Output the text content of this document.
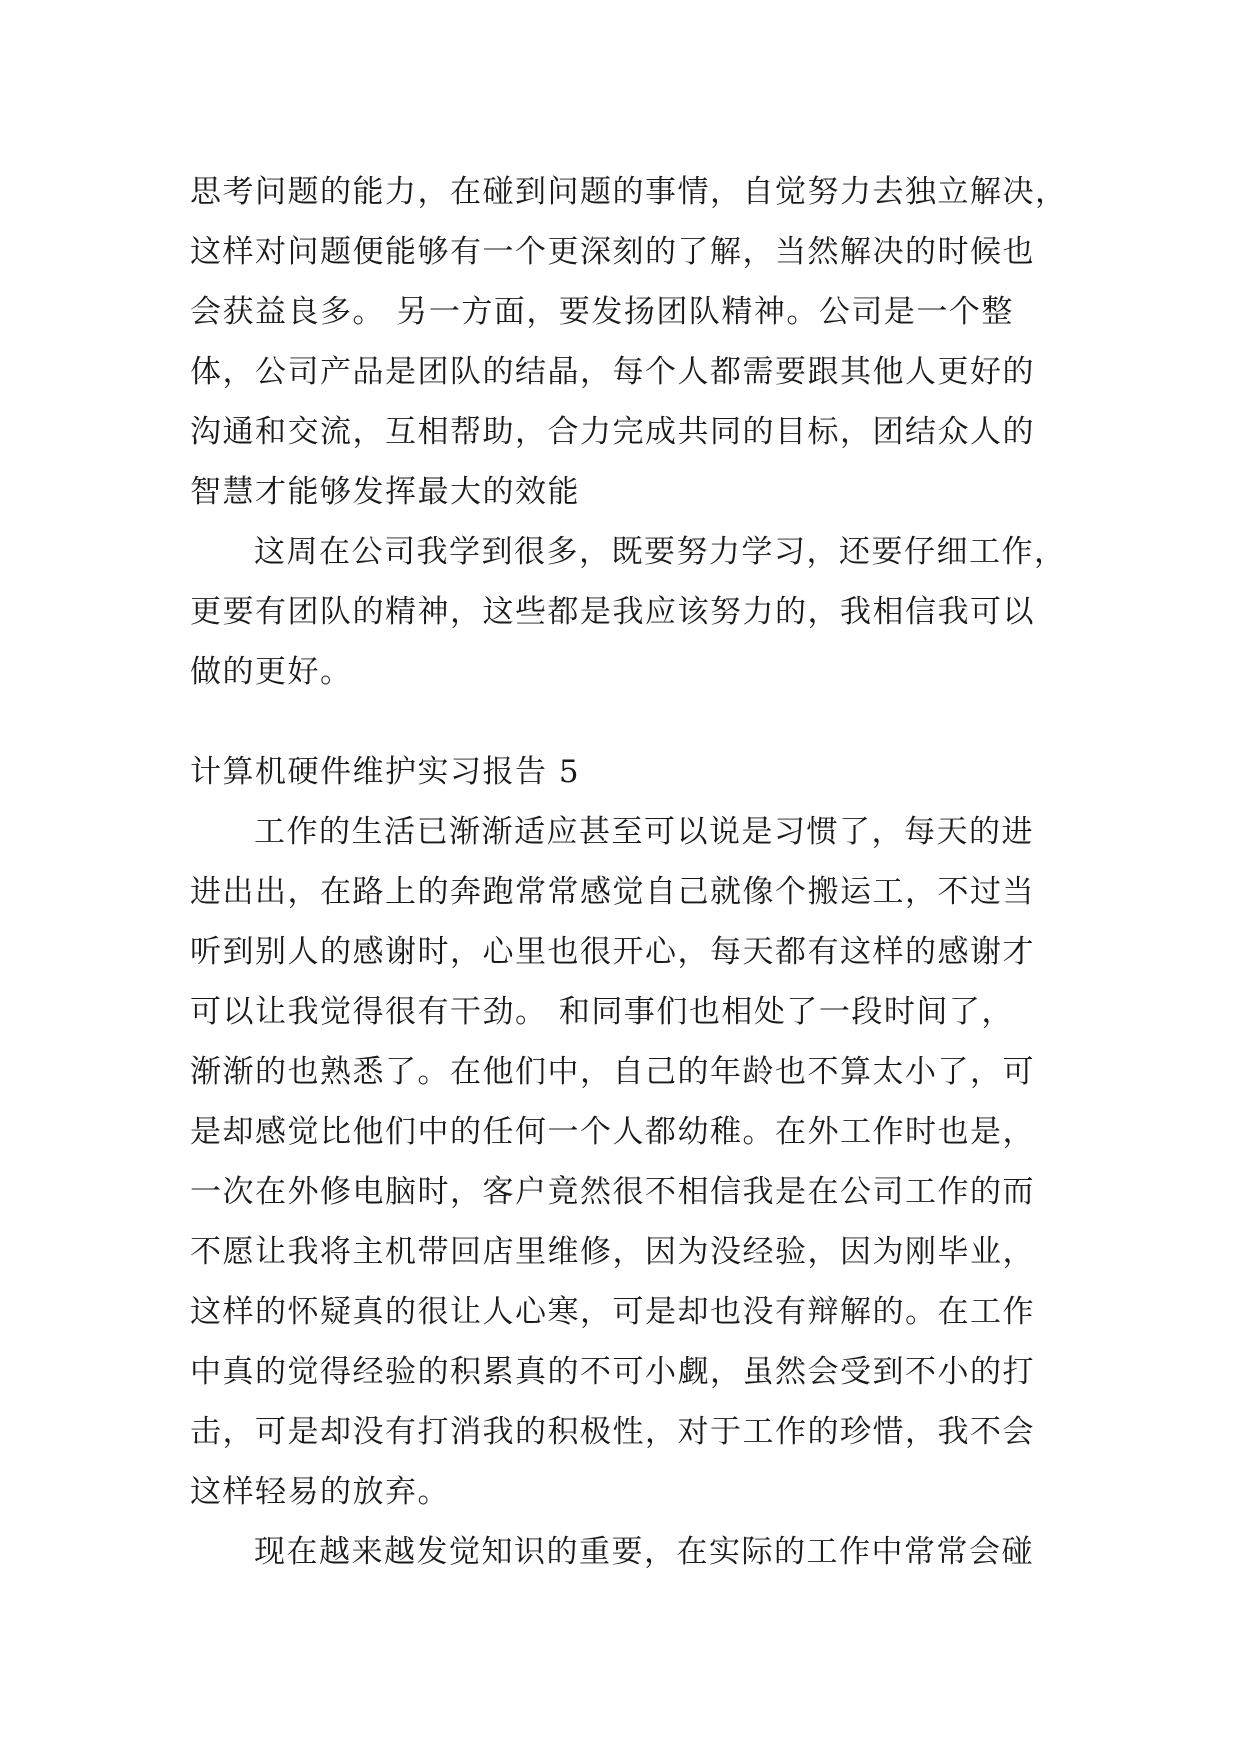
思考问题的能力，在碰到问题的事情，自觉努力去独立解决，
这样对问题便能够有一个更深刻的了解，当然解决的时候也
会获益良多。 另一方面，要发扬团队精神。公司是一个整
体，公司产品是团队的结晶，每个人都需要跟其他人更好的
沟通和交流，互相帮助，合力完成共同的目标，团结众人的
智慧才能够发挥最大的效能
这周在公司我学到很多，既要努力学习，还要仔细工作，
更要有团队的精神，这些都是我应该努力的，我相信我可以
做的更好。
计算机硬件维护实习报告 5
工作的生活已渐渐适应甚至可以说是习惯了，每天的进
进出出，在路上的奔跑常常感觉自己就像个搬运工，不过当
听到别人的感谢时，心里也很开心，每天都有这样的感谢才
可以让我觉得很有干劲。 和同事们也相处了一段时间了，
渐渐的也熟悉了。在他们中，自己的年龄也不算太小了，可
是却感觉比他们中的任何一个人都幼稚。在外工作时也是，
一次在外修电脑时，客户竟然很不相信我是在公司工作的而
不愿让我将主机带回店里维修，因为没经验，因为刚毕业，
这样的怀疑真的很让人心寒，可是却也没有辩解的。在工作
中真的觉得经验的积累真的不可小觑，虽然会受到不小的打
击，可是却没有打消我的积极性，对于工作的珍惜，我不会
这样轻易的放弃。
现在越来越发觉知识的重要，在实际的工作中常常会碰
